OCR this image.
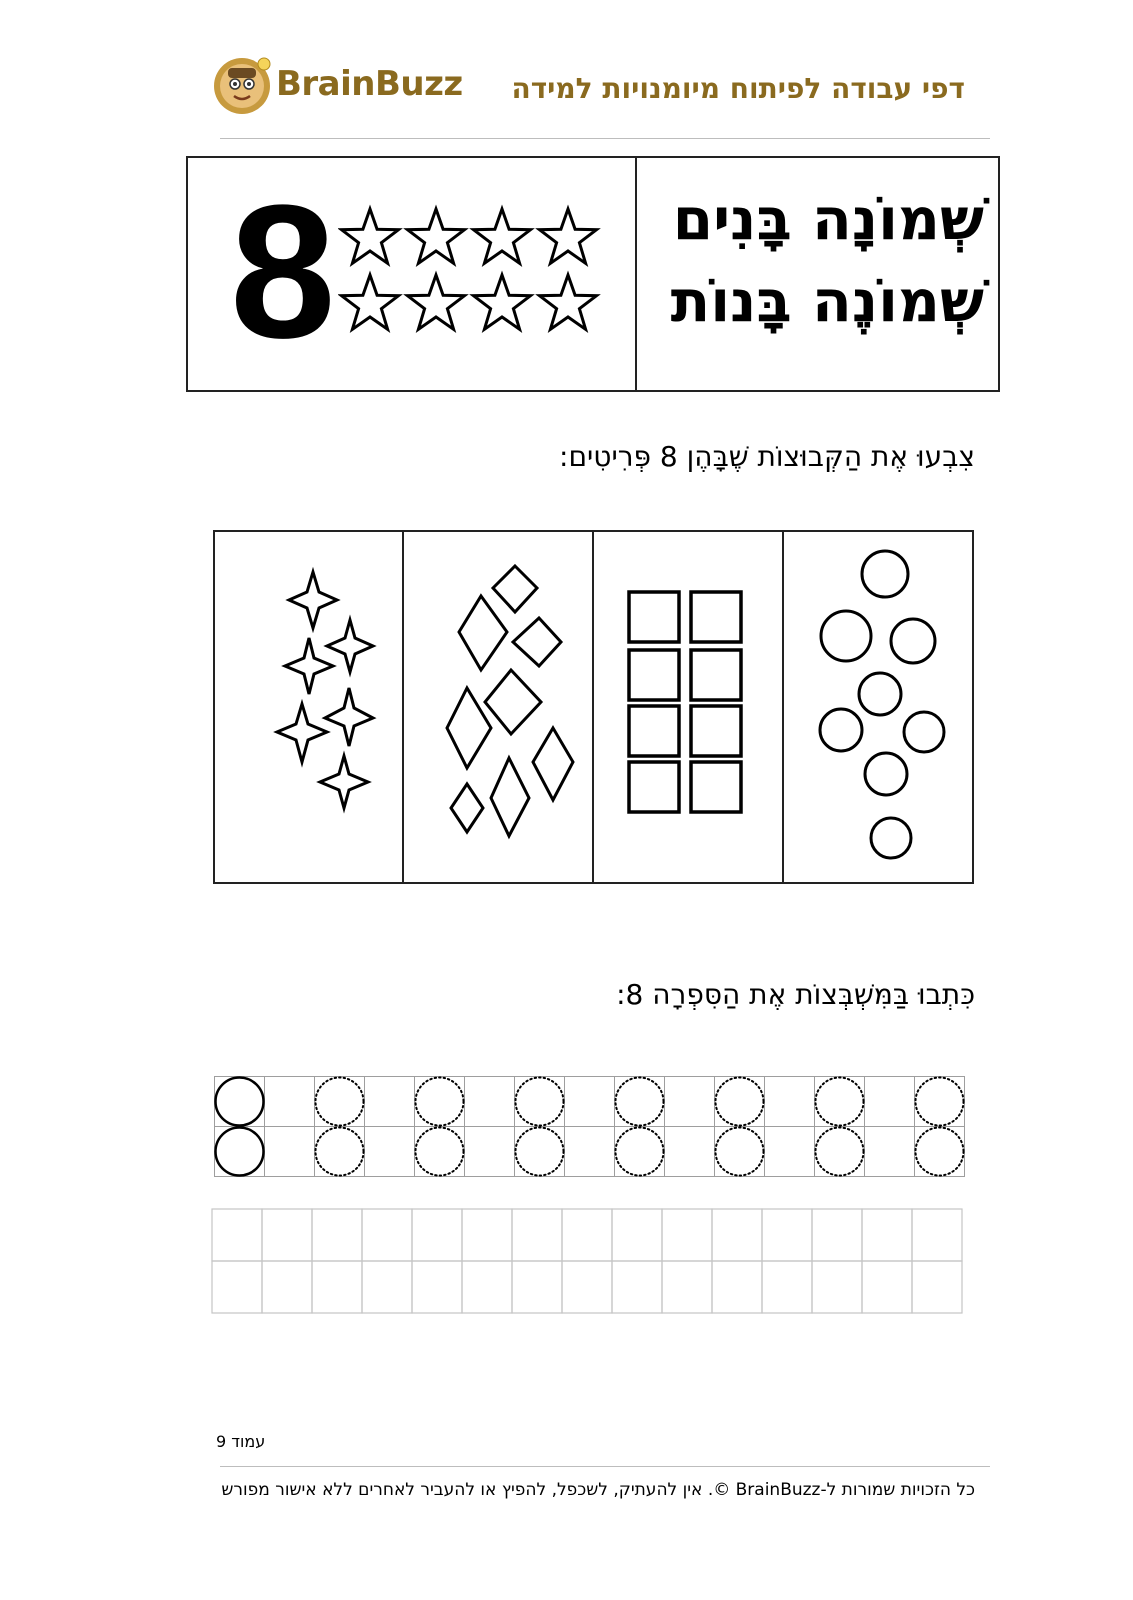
BrainBuzz דפי עבודה לפיתוח מיומנויות למידה
8	שְׁמוֹנָה בָּנִים
שְׁמוֹנֶה בָּנוֹת
צִבְעוּ אֶת הַקְּבוּצוֹת שֶׁבָּהֶן 8 פְּרִיטִים:
כִּתְבוּ בַּמִּשְׁבְּצוֹת אֶת הַסִּפְרָה 8:
עמוד 9
כל הזכויות שמורות ל-BrainBuzz ©. אין להעתיק, לשכפל, להפיץ או להעביר לאחרים ללא אישור מפורש
